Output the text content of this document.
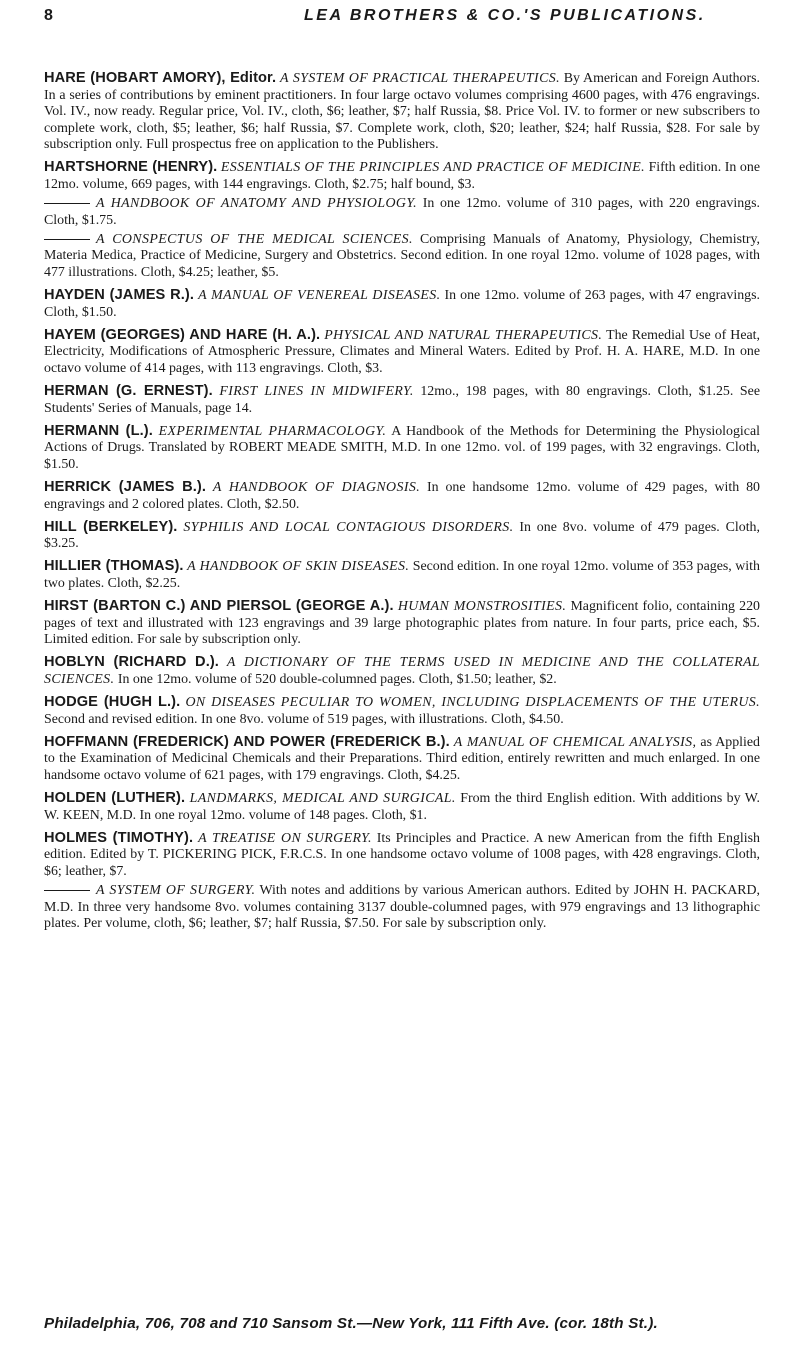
8	LEA BROTHERS & CO.'S PUBLICATIONS.

HARE (HOBART AMORY), Editor. A SYSTEM OF PRACTICAL THERAPEUTICS. By American and Foreign Authors. In a series of contributions by eminent practitioners. In four large octavo volumes comprising 4600 pages, with 476 engravings. Vol. IV., now ready. Regular price, Vol. IV., cloth, $6; leather, $7; half Russia, $8. Price Vol. IV. to former or new subscribers to complete work, cloth, $5; leather, $6; half Russia, $7. Complete work, cloth, $20; leather, $24; half Russia, $28. For sale by subscription only. Full prospectus free on application to the Publishers.

HARTSHORNE (HENRY). ESSENTIALS OF THE PRINCIPLES AND PRACTICE OF MEDICINE. Fifth edition. In one 12mo. volume, 669 pages, with 144 engravings. Cloth, $2.75; half bound, $3.

A HANDBOOK OF ANATOMY AND PHYSIOLOGY. In one 12mo. volume of 310 pages, with 220 engravings. Cloth, $1.75.

A CONSPECTUS OF THE MEDICAL SCIENCES. Comprising Manuals of Anatomy, Physiology, Chemistry, Materia Medica, Practice of Medicine, Surgery and Obstetrics. Second edition. In one royal 12mo. volume of 1028 pages, with 477 illustrations. Cloth, $4.25; leather, $5.

HAYDEN (JAMES R.). A MANUAL OF VENEREAL DISEASES. In one 12mo. volume of 263 pages, with 47 engravings. Cloth, $1.50.

HAYEM (GEORGES) AND HARE (H. A.). PHYSICAL AND NATURAL THERAPEUTICS. The Remedial Use of Heat, Electricity, Modifications of Atmospheric Pressure, Climates and Mineral Waters. Edited by Prof. H. A. HARE, M.D. In one octavo volume of 414 pages, with 113 engravings. Cloth, $3.

HERMAN (G. ERNEST). FIRST LINES IN MIDWIFERY. 12mo., 198 pages, with 80 engravings. Cloth, $1.25. See Students' Series of Manuals, page 14.

HERMANN (L.). EXPERIMENTAL PHARMACOLOGY. A Handbook of the Methods for Determining the Physiological Actions of Drugs. Translated by ROBERT MEADE SMITH, M.D. In one 12mo. vol. of 199 pages, with 32 engravings. Cloth, $1.50.

HERRICK (JAMES B.). A HANDBOOK OF DIAGNOSIS. In one handsome 12mo. volume of 429 pages, with 80 engravings and 2 colored plates. Cloth, $2.50.

HILL (BERKELEY). SYPHILIS AND LOCAL CONTAGIOUS DISORDERS. In one 8vo. volume of 479 pages. Cloth, $3.25.

HILLIER (THOMAS). A HANDBOOK OF SKIN DISEASES. Second edition. In one royal 12mo. volume of 353 pages, with two plates. Cloth, $2.25.

HIRST (BARTON C.) AND PIERSOL (GEORGE A.). HUMAN MONSTROSITIES. Magnificent folio, containing 220 pages of text and illustrated with 123 engravings and 39 large photographic plates from nature. In four parts, price each, $5. Limited edition. For sale by subscription only.

HOBLYN (RICHARD D.). A DICTIONARY OF THE TERMS USED IN MEDICINE AND THE COLLATERAL SCIENCES. In one 12mo. volume of 520 double-columned pages. Cloth, $1.50; leather, $2.

HODGE (HUGH L.). ON DISEASES PECULIAR TO WOMEN, INCLUDING DISPLACEMENTS OF THE UTERUS. Second and revised edition. In one 8vo. volume of 519 pages, with illustrations. Cloth, $4.50.

HOFFMANN (FREDERICK) AND POWER (FREDERICK B.). A MANUAL OF CHEMICAL ANALYSIS, as Applied to the Examination of Medicinal Chemicals and their Preparations. Third edition, entirely rewritten and much enlarged. In one handsome octavo volume of 621 pages, with 179 engravings. Cloth, $4.25.

HOLDEN (LUTHER). LANDMARKS, MEDICAL AND SURGICAL. From the third English edition. With additions by W. W. KEEN, M.D. In one royal 12mo. volume of 148 pages. Cloth, $1.

HOLMES (TIMOTHY). A TREATISE ON SURGERY. Its Principles and Practice. A new American from the fifth English edition. Edited by T. PICKERING PICK, F.R.C.S. In one handsome octavo volume of 1008 pages, with 428 engravings. Cloth, $6; leather, $7.

A SYSTEM OF SURGERY. With notes and additions by various American authors. Edited by JOHN H. PACKARD, M.D. In three very handsome 8vo. volumes containing 3137 double-columned pages, with 979 engravings and 13 lithographic plates. Per volume, cloth, $6; leather, $7; half Russia, $7.50. For sale by subscription only.

Philadelphia, 706, 708 and 710 Sansom St.—New York, 111 Fifth Ave. (cor. 18th St.).
